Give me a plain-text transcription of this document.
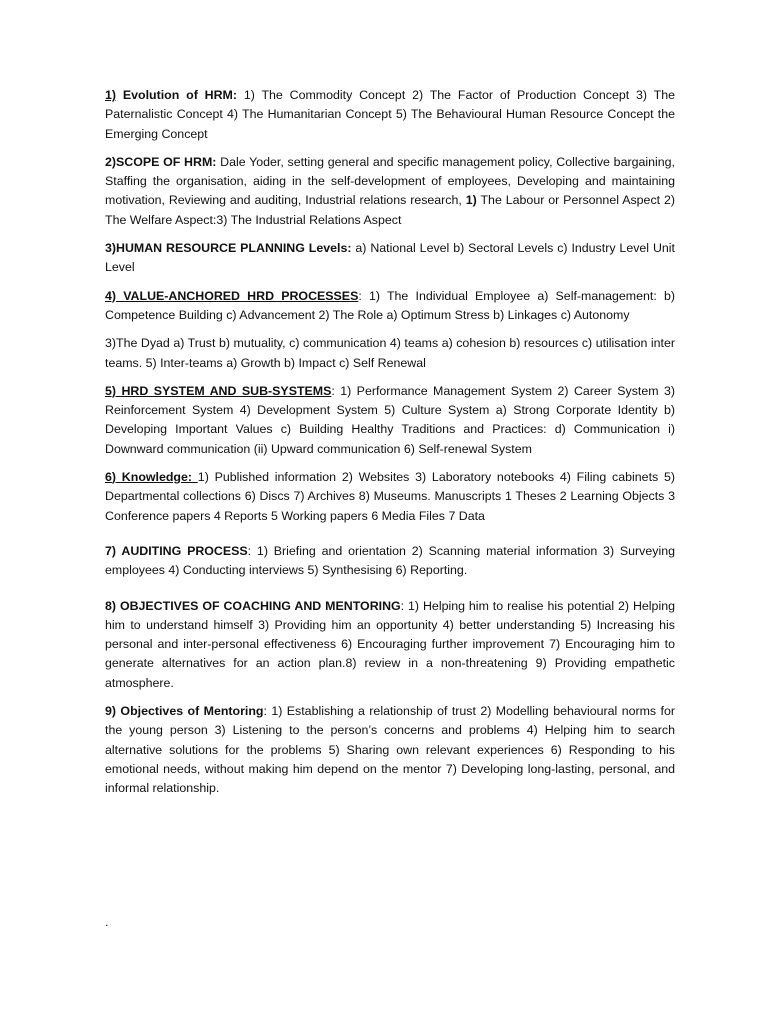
1) Evolution of HRM: 1) The Commodity Concept 2) The Factor of Production Concept 3) The Paternalistic Concept 4) The Humanitarian Concept 5) The Behavioural Human Resource Concept the Emerging Concept

2)SCOPE OF HRM: Dale Yoder, setting general and specific management policy, Collective bargaining, Staffing the organisation, aiding in the self-development of employees, Developing and maintaining motivation, Reviewing and auditing, Industrial relations research, 1) The Labour or Personnel Aspect 2) The Welfare Aspect:3) The Industrial Relations Aspect

3)HUMAN RESOURCE PLANNING Levels: a) National Level b) Sectoral Levels c) Industry Level Unit Level

4) VALUE-ANCHORED HRD PROCESSES: 1) The Individual Employee a) Self-management: b) Competence Building c) Advancement 2) The Role a) Optimum Stress b) Linkages c) Autonomy

3)The Dyad a) Trust b) mutuality, c) communication 4) teams a) cohesion b) resources c) utilisation inter teams. 5) Inter-teams a) Growth b) Impact c) Self Renewal

5) HRD SYSTEM AND SUB-SYSTEMS: 1) Performance Management System 2) Career System 3) Reinforcement System 4) Development System 5) Culture System a) Strong Corporate Identity b) Developing Important Values c) Building Healthy Traditions and Practices: d) Communication i) Downward communication (ii) Upward communication 6) Self-renewal System

6) Knowledge: 1) Published information 2) Websites 3) Laboratory notebooks 4) Filing cabinets 5) Departmental collections 6) Discs 7) Archives 8) Museums. Manuscripts 1 Theses 2 Learning Objects 3 Conference papers 4 Reports 5 Working papers 6 Media Files 7 Data

7) AUDITING PROCESS: 1) Briefing and orientation 2) Scanning material information 3) Surveying employees 4) Conducting interviews 5) Synthesising 6) Reporting.

8) OBJECTIVES OF COACHING AND MENTORING: 1) Helping him to realise his potential 2) Helping him to understand himself 3) Providing him an opportunity 4) better understanding 5) Increasing his personal and inter-personal effectiveness 6) Encouraging further improvement 7) Encouraging him to generate alternatives for an action plan.8) review in a non-threatening 9) Providing empathetic atmosphere.

9) Objectives of Mentoring: 1) Establishing a relationship of trust 2) Modelling behavioural norms for the young person 3) Listening to the person’s concerns and problems 4) Helping him to search alternative solutions for the problems 5) Sharing own relevant experiences 6) Responding to his emotional needs, without making him depend on the mentor 7) Developing long-lasting, personal, and informal relationship.

.
